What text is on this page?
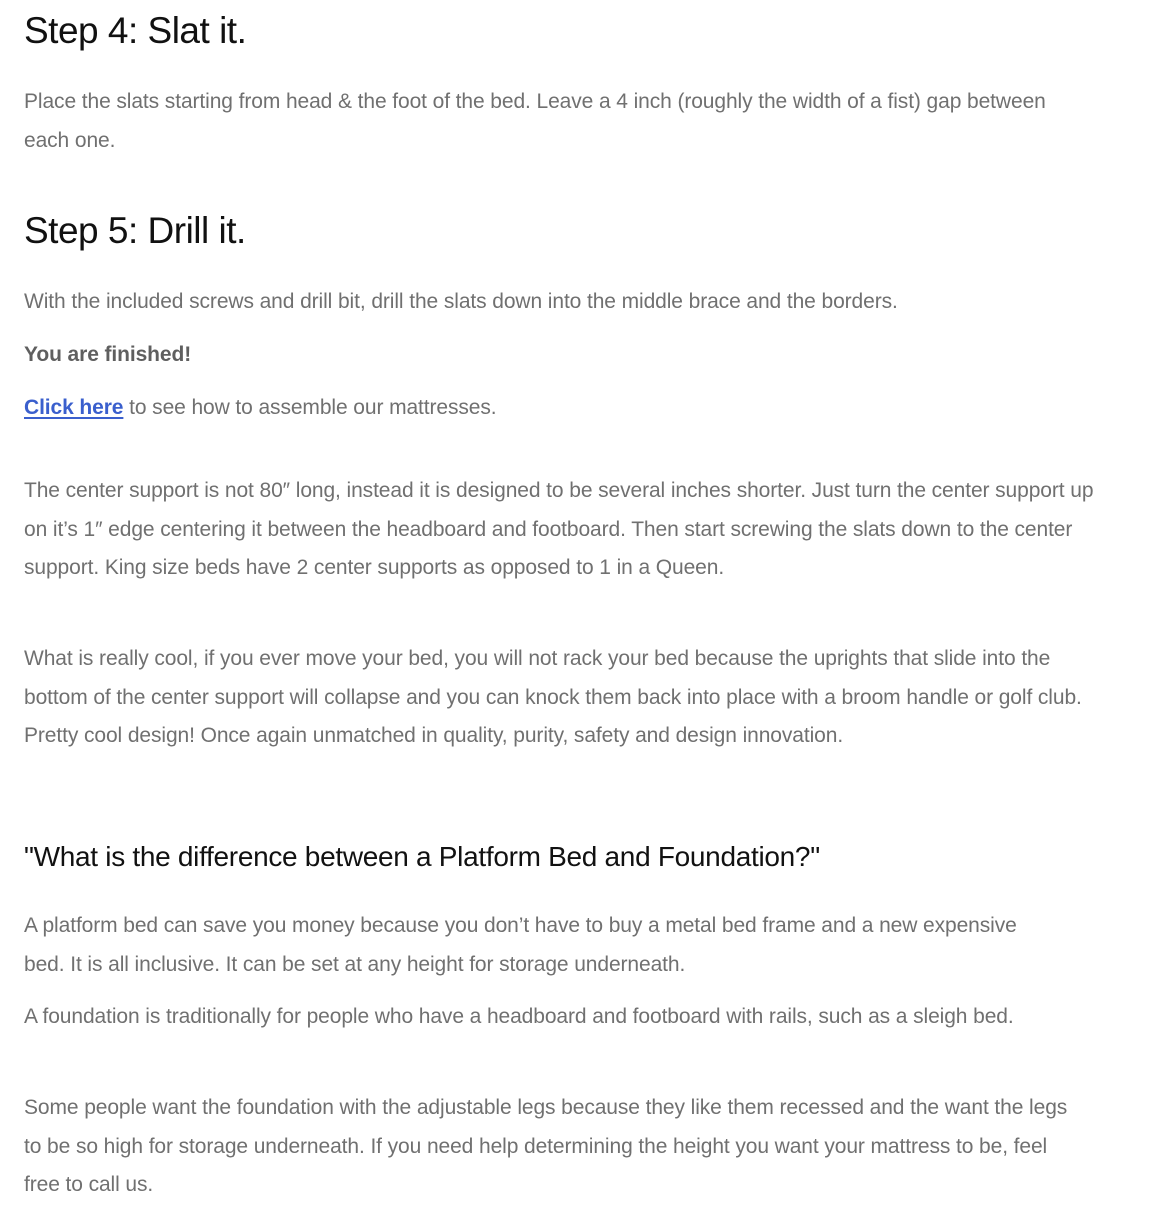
Step 4: Slat it.

Place the slats starting from head & the foot of the bed. Leave a 4 inch (roughly the width of a fist) gap between each one.

Step 5: Drill it.

With the included screws and drill bit, drill the slats down into the middle brace and the borders.

You are finished!

Click here to see how to assemble our mattresses.

The center support is not 80″ long, instead it is designed to be several inches shorter. Just turn the center support up on it’s 1″ edge centering it between the headboard and footboard. Then start screwing the slats down to the center support. King size beds have 2 center supports as opposed to 1 in a Queen.

What is really cool, if you ever move your bed, you will not rack your bed because the uprights that slide into the bottom of the center support will collapse and you can knock them back into place with a broom handle or golf club. Pretty cool design! Once again unmatched in quality, purity, safety and design innovation.

"What is the difference between a Platform Bed and Foundation?"

A platform bed can save you money because you don’t have to buy a metal bed frame and a new expensive bed. It is all inclusive. It can be set at any height for storage underneath.

A foundation is traditionally for people who have a headboard and footboard with rails, such as a sleigh bed.

Some people want the foundation with the adjustable legs because they like them recessed and the want the legs to be so high for storage underneath. If you need help determining the height you want your mattress to be, feel free to call us.
